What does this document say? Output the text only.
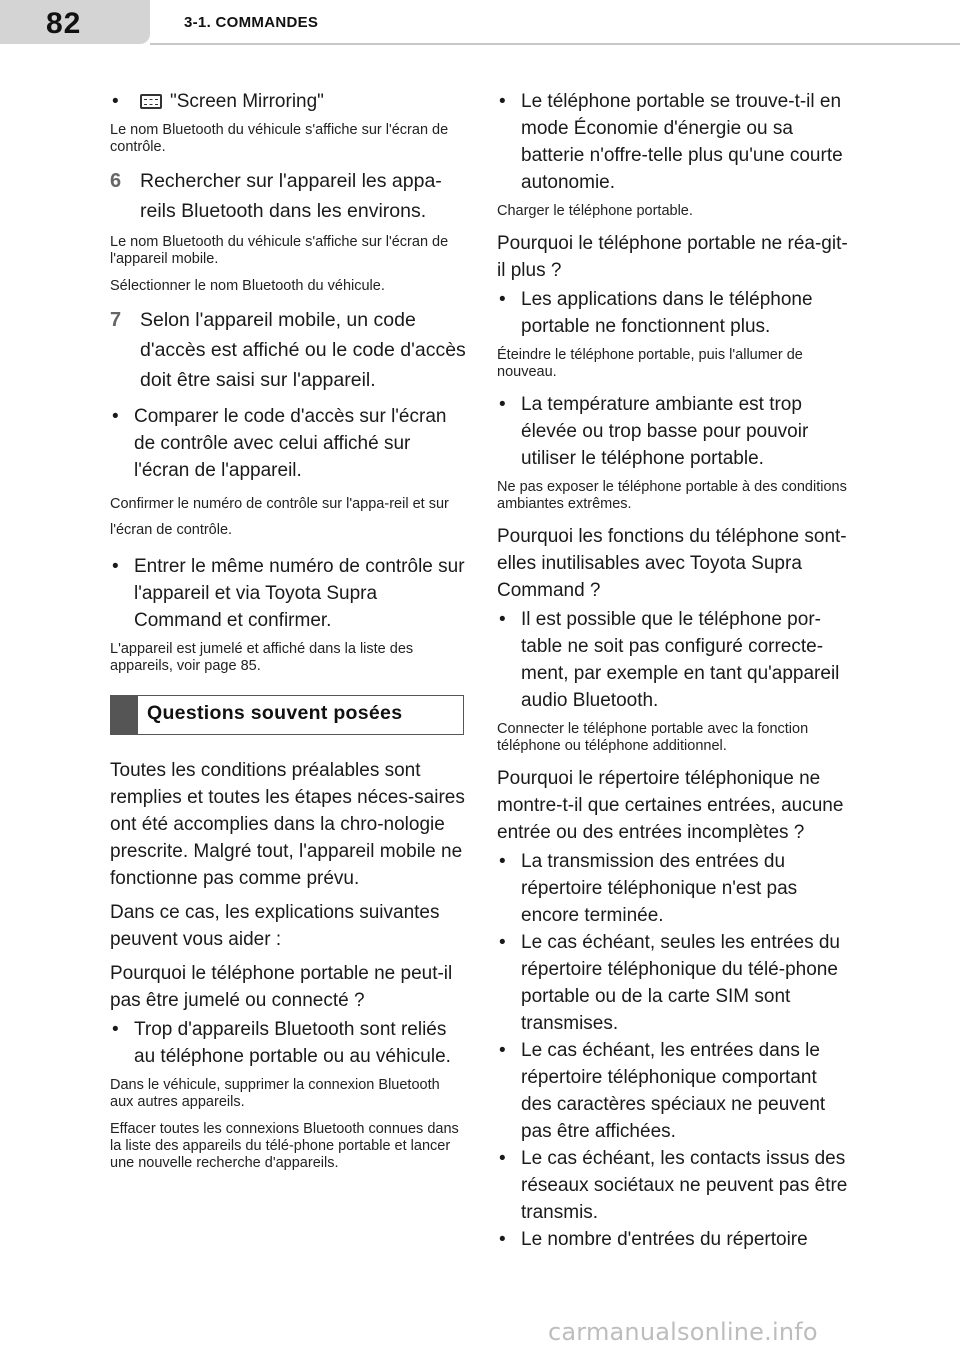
82	3-1. COMMANDES
•	"Screen Mirroring"

Le nom Bluetooth du véhicule s'affiche sur l'écran de contrôle.

6 Rechercher sur l'appareil les appa-reils Bluetooth dans les environs.

Le nom Bluetooth du véhicule s'affiche sur l'écran de l'appareil mobile.

Sélectionner le nom Bluetooth du véhicule.

7 Selon l'appareil mobile, un code d'accès est affiché ou le code d'accès doit être saisi sur l'appareil.
• Comparer le code d'accès sur l'écran de contrôle avec celui affiché sur l'écran de l'appareil.

Confirmer le numéro de contrôle sur l'appa-reil et sur l'écran de contrôle.

• Entrer le même numéro de contrôle sur l'appareil et via Toyota Supra Command et confirmer.

L'appareil est jumelé et affiché dans la liste des appareils, voir page 85.

Questions souvent posées

Toutes les conditions préalables sont remplies et toutes les étapes néces-saires ont été accomplies dans la chro-nologie prescrite. Malgré tout, l'appareil mobile ne fonctionne pas comme prévu.

Dans ce cas, les explications suivantes peuvent vous aider :

Pourquoi le téléphone portable ne peut-il pas être jumelé ou connecté ?

• Trop d'appareils Bluetooth sont reliés au téléphone portable ou au véhicule.

Dans le véhicule, supprimer la connexion Bluetooth aux autres appareils.

Effacer toutes les connexions Bluetooth connues dans la liste des appareils du télé-phone portable et lancer une nouvelle recherche d'appareils.

• Le téléphone portable se trouve-t-il en mode Économie d'énergie ou sa batterie n'offre-telle plus qu'une courte autonomie.

Charger le téléphone portable.

Pourquoi le téléphone portable ne réa-git-il plus ?

• Les applications dans le téléphone portable ne fonctionnent plus.

Éteindre le téléphone portable, puis l'allumer de nouveau.

• La température ambiante est trop élevée ou trop basse pour pouvoir utiliser le téléphone portable.

Ne pas exposer le téléphone portable à des conditions ambiantes extrêmes.

Pourquoi les fonctions du téléphone sont-elles inutilisables avec Toyota Supra Command ?

• Il est possible que le téléphone por-table ne soit pas configuré correcte-ment, par exemple en tant qu'appareil audio Bluetooth.

Connecter le téléphone portable avec la fonction téléphone ou téléphone additionnel.

Pourquoi le répertoire téléphonique ne montre-t-il que certaines entrées, aucune entrée ou des entrées incomplètes ?

• La transmission des entrées du répertoire téléphonique n'est pas encore terminée.
• Le cas échéant, seules les entrées du répertoire téléphonique du télé-phone portable ou de la carte SIM sont transmises.
• Le cas échéant, les entrées dans le répertoire téléphonique comportant des caractères spéciaux ne peuvent pas être affichées.
• Le cas échéant, les contacts issus des réseaux sociétaux ne peuvent pas être transmis.
• Le nombre d'entrées du répertoire
carmanualsonline.info
